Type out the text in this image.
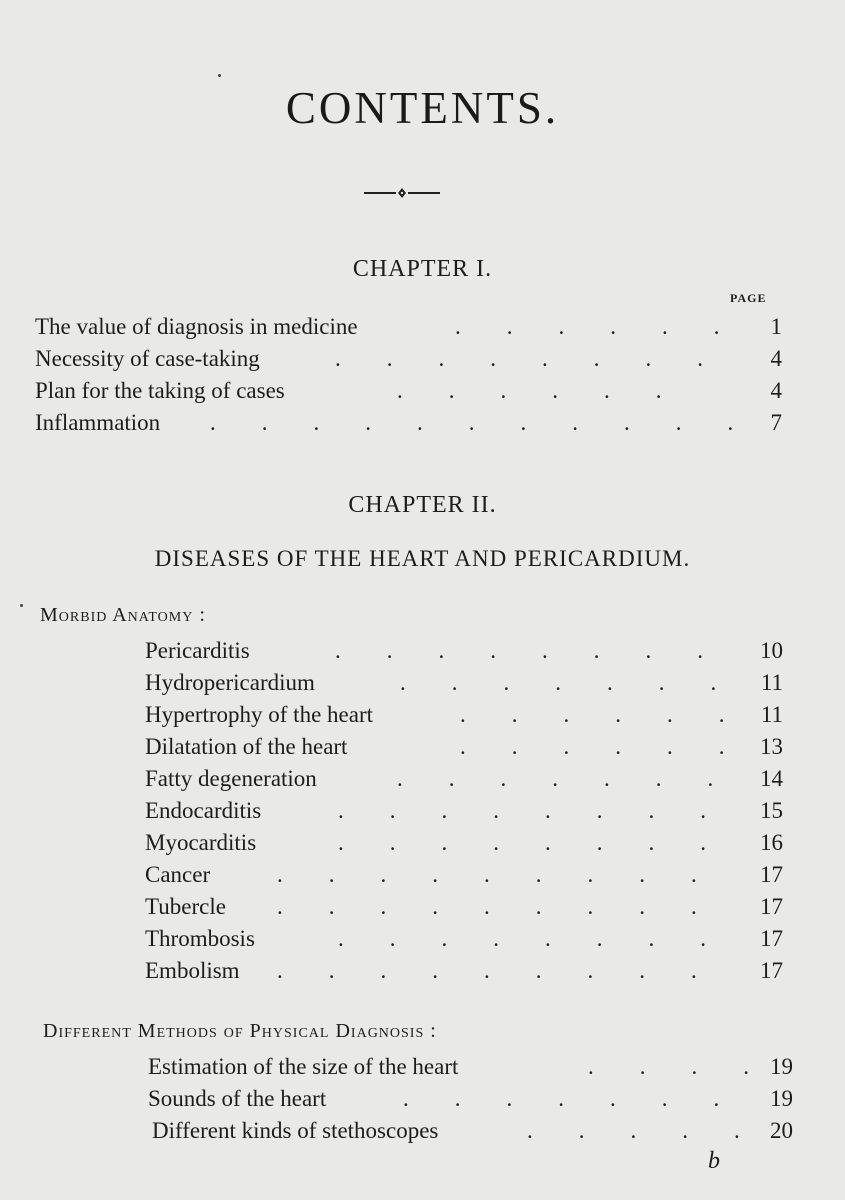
CONTENTS.
CHAPTER I.
PAGE
The value of diagnosis in medicine	.        .        .        .        .        .	1
Necessity of case-taking	.        .        .        .        .        .        .        .	4
Plan for the taking of cases	.        .        .        .        .        .	4
Inflammation .        .        .        .        .        .        .        .        .        .        .	7
CHAPTER II.
DISEASES OF THE HEART AND PERICARDIUM.
Morbid Anatomy :
Pericarditis	.        .        .        .        .        .        .        .	10
Hydropericardium	.        .        .        .        .        .        .	11
Hypertrophy of the heart	.        .        .        .        .        .	11
Dilatation of the heart	.        .        .        .        .        .	13
Fatty degeneration	.        .        .        .        .        .        .	14
Endocarditis	.        .        .        .        .        .        .        .	15
Myocarditis	.        .        .        .        .        .        .        .	16
Cancer	.        .        .        .        .        .        .        .        .	17
Tubercle .        .        .        .        .        .        .        .        .	17
Thrombosis	.        .        .        .        .        .        .        .	17
Embolism .        .        .        .        .        .        .        .        .	17
Different Methods of Physical Diagnosis :
Estimation of the size of the heart	.        .        .        . 19
Sounds of the heart	.        .        .        .        .        .        .	19
Different kinds of stethoscopes	.        .        .        .        .	20
b
